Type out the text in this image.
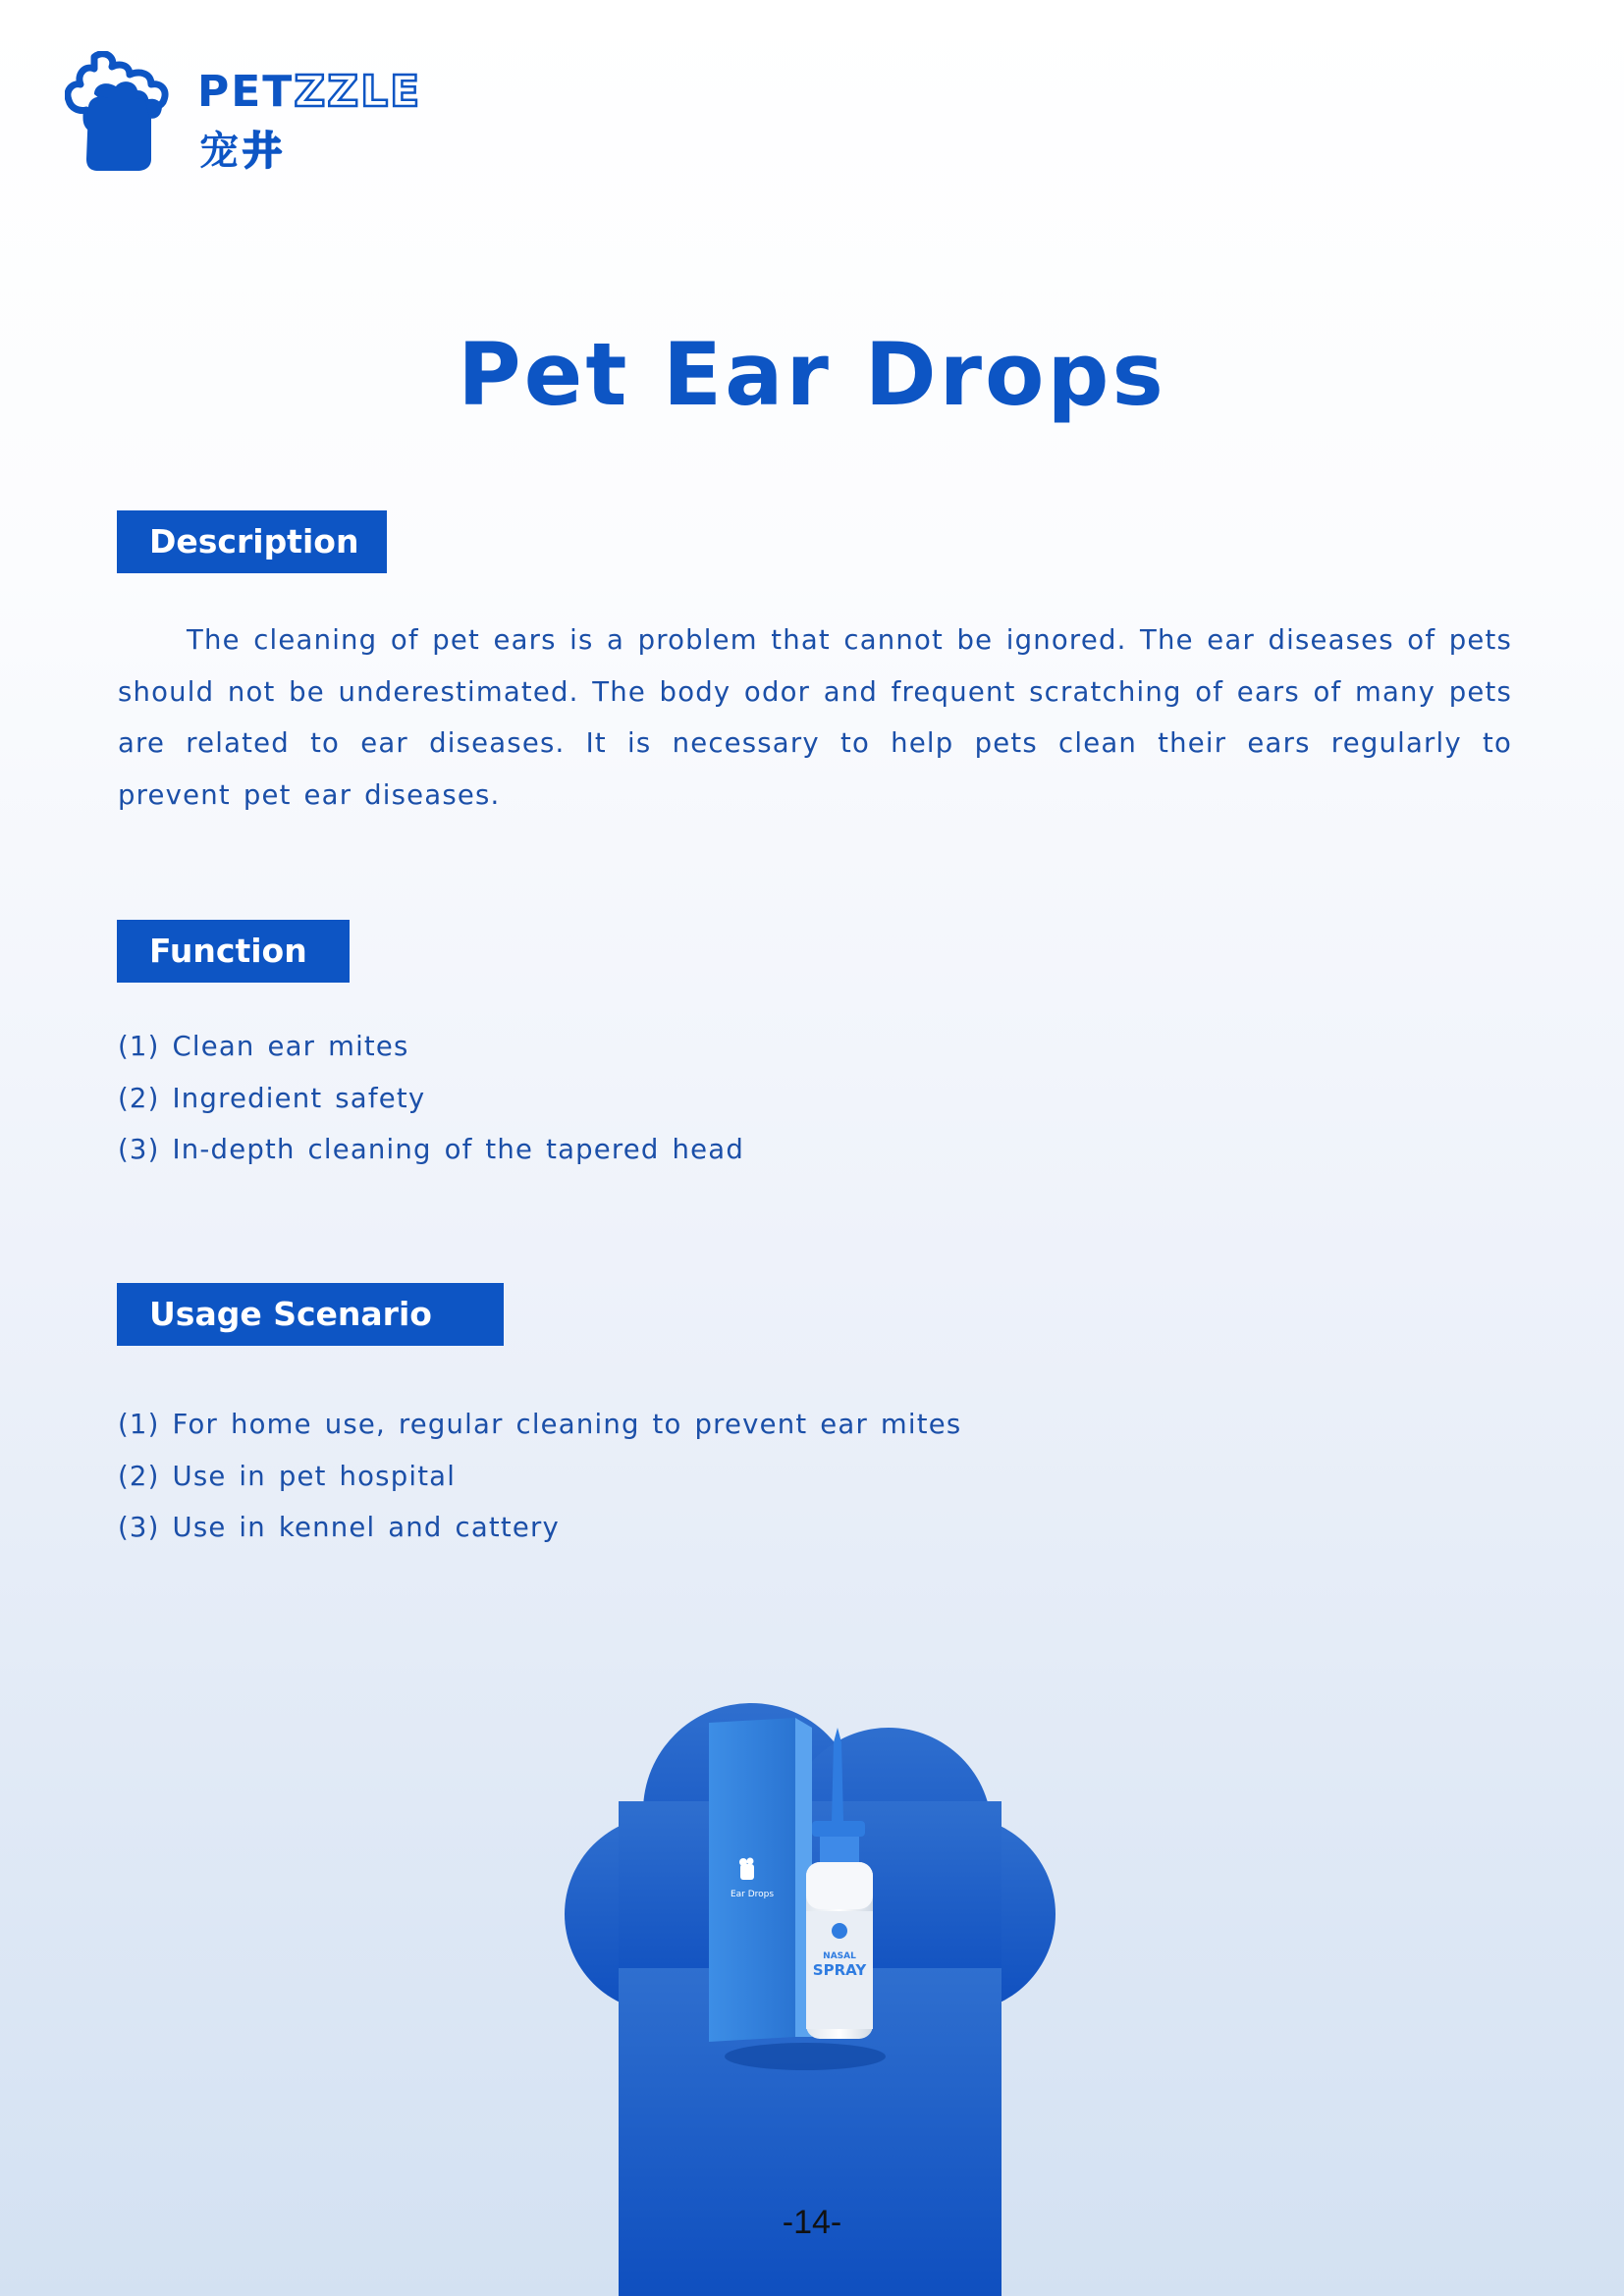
PETZZLE
宠井
Pet Ear Drops
Description

The cleaning of pet ears is a problem that cannot be ignored. The ear diseases of pets should not be underestimated. The body odor and frequent scratching of ears of many pets are related to ear diseases. It is necessary to help pets clean their ears regularly to prevent pet ear diseases.

Function
(1) Clean ear mites
(2) Ingredient safety
(3) In-depth cleaning of the tapered head
Usage Scenario
(1) For home use, regular cleaning to prevent ear mites
(2) Use in pet hospital
(3) Use in kennel and cattery
Ear Drops
NASAL
SPRAY
-14-
